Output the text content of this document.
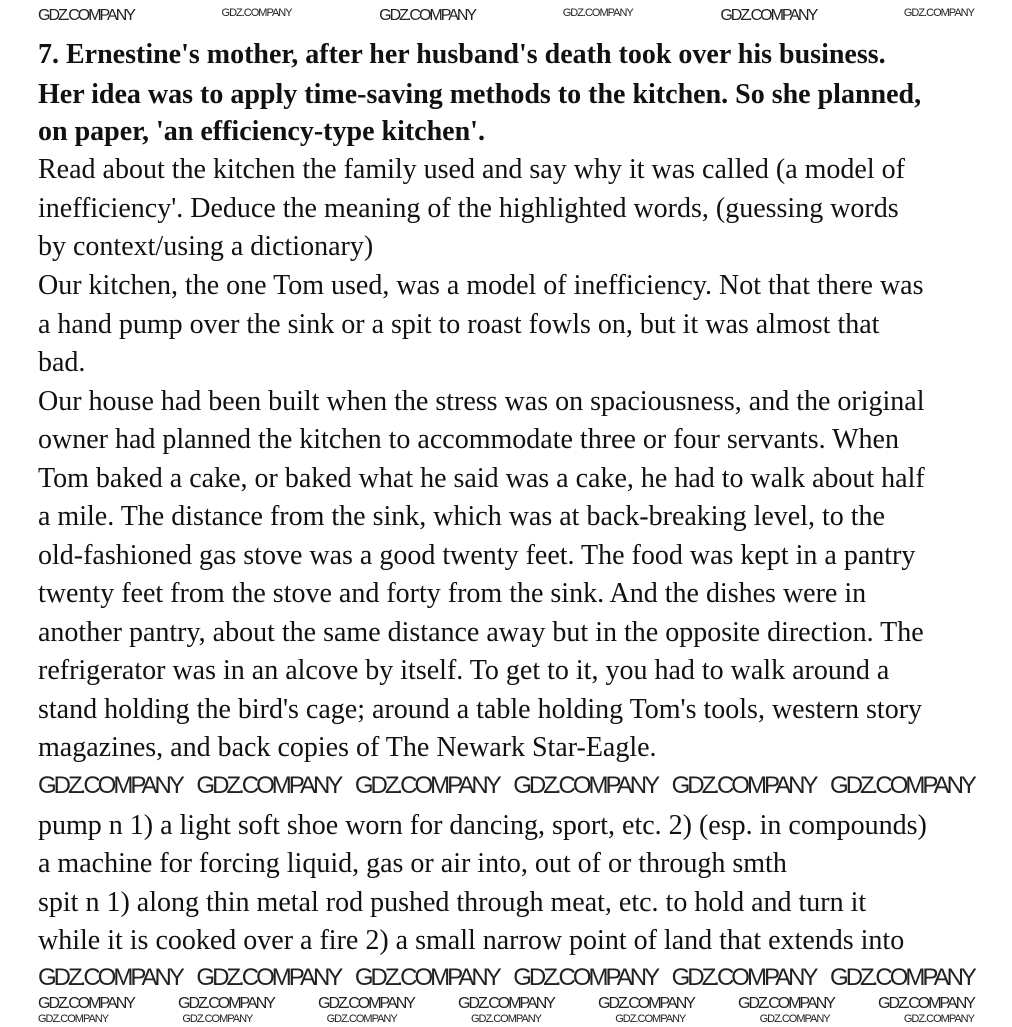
GDZ.COMPANY	GDZ.COMPANY	GDZ.COMPANY	GDZ.COMPANY	GDZ.COMPANY	GDZ.COMPANY
7. Ernestine's mother, after her husband's death took over his business.
Her idea was to apply time-saving methods to the kitchen. So she planned,
on paper, 'an efficiency-type kitchen'.
Read about the kitchen the family used and say why it was called (a model of
inefficiency'. Deduce the meaning of the highlighted words, (guessing words
by context/using a dictionary)
Our kitchen, the one Tom used, was a model of inefficiency. Not that there was
a hand pump over the sink or a spit to roast fowls on, but it was almost that
bad.
Our house had been built when the stress was on spaciousness, and the original
owner had planned the kitchen to accommodate three or four servants. When
Tom baked a cake, or baked what he said was a cake, he had to walk about half
a mile. The distance from the sink, which was at back-breaking level, to the
old-fashioned gas stove was a good twenty feet. The food was kept in a pantry
twenty feet from the stove and forty from the sink. And the dishes were in
another pantry, about the same distance away but in the opposite direction. The
refrigerator was in an alcove by itself. To get to it, you had to walk around a
stand holding the bird's cage; around a table holding Tom's tools, western story
magazines, and back copies of The Newark Star-Eagle.
GDZ.COMPANY GDZ.COMPANY GDZ.COMPANY GDZ.COMPANY GDZ.COMPANY GDZ.COMPANY
pump n 1) a light soft shoe worn for dancing, sport, etc. 2) (esp. in compounds)
a machine for forcing liquid, gas or air into, out of or through smth
spit n 1) along thin metal rod pushed through meat, etc. to hold and turn it
while it is cooked over a fire 2) a small narrow point of land that extends into
GDZ.COMPANY GDZ.COMPANY GDZ.COMPANY GDZ.COMPANY GDZ.COMPANY GDZ.COMPANY
GDZ.COMPANY	GDZ.COMPANY	GDZ.COMPANY	GDZ.COMPANY	GDZ.COMPANY	GDZ.COMPANY	GDZ.COMPANY
GDZ.COMPANY	GDZ.COMPANY	GDZ.COMPANY	GDZ.COMPANY	GDZ.COMPANY	GDZ.COMPANY	GDZ.COMPANY
